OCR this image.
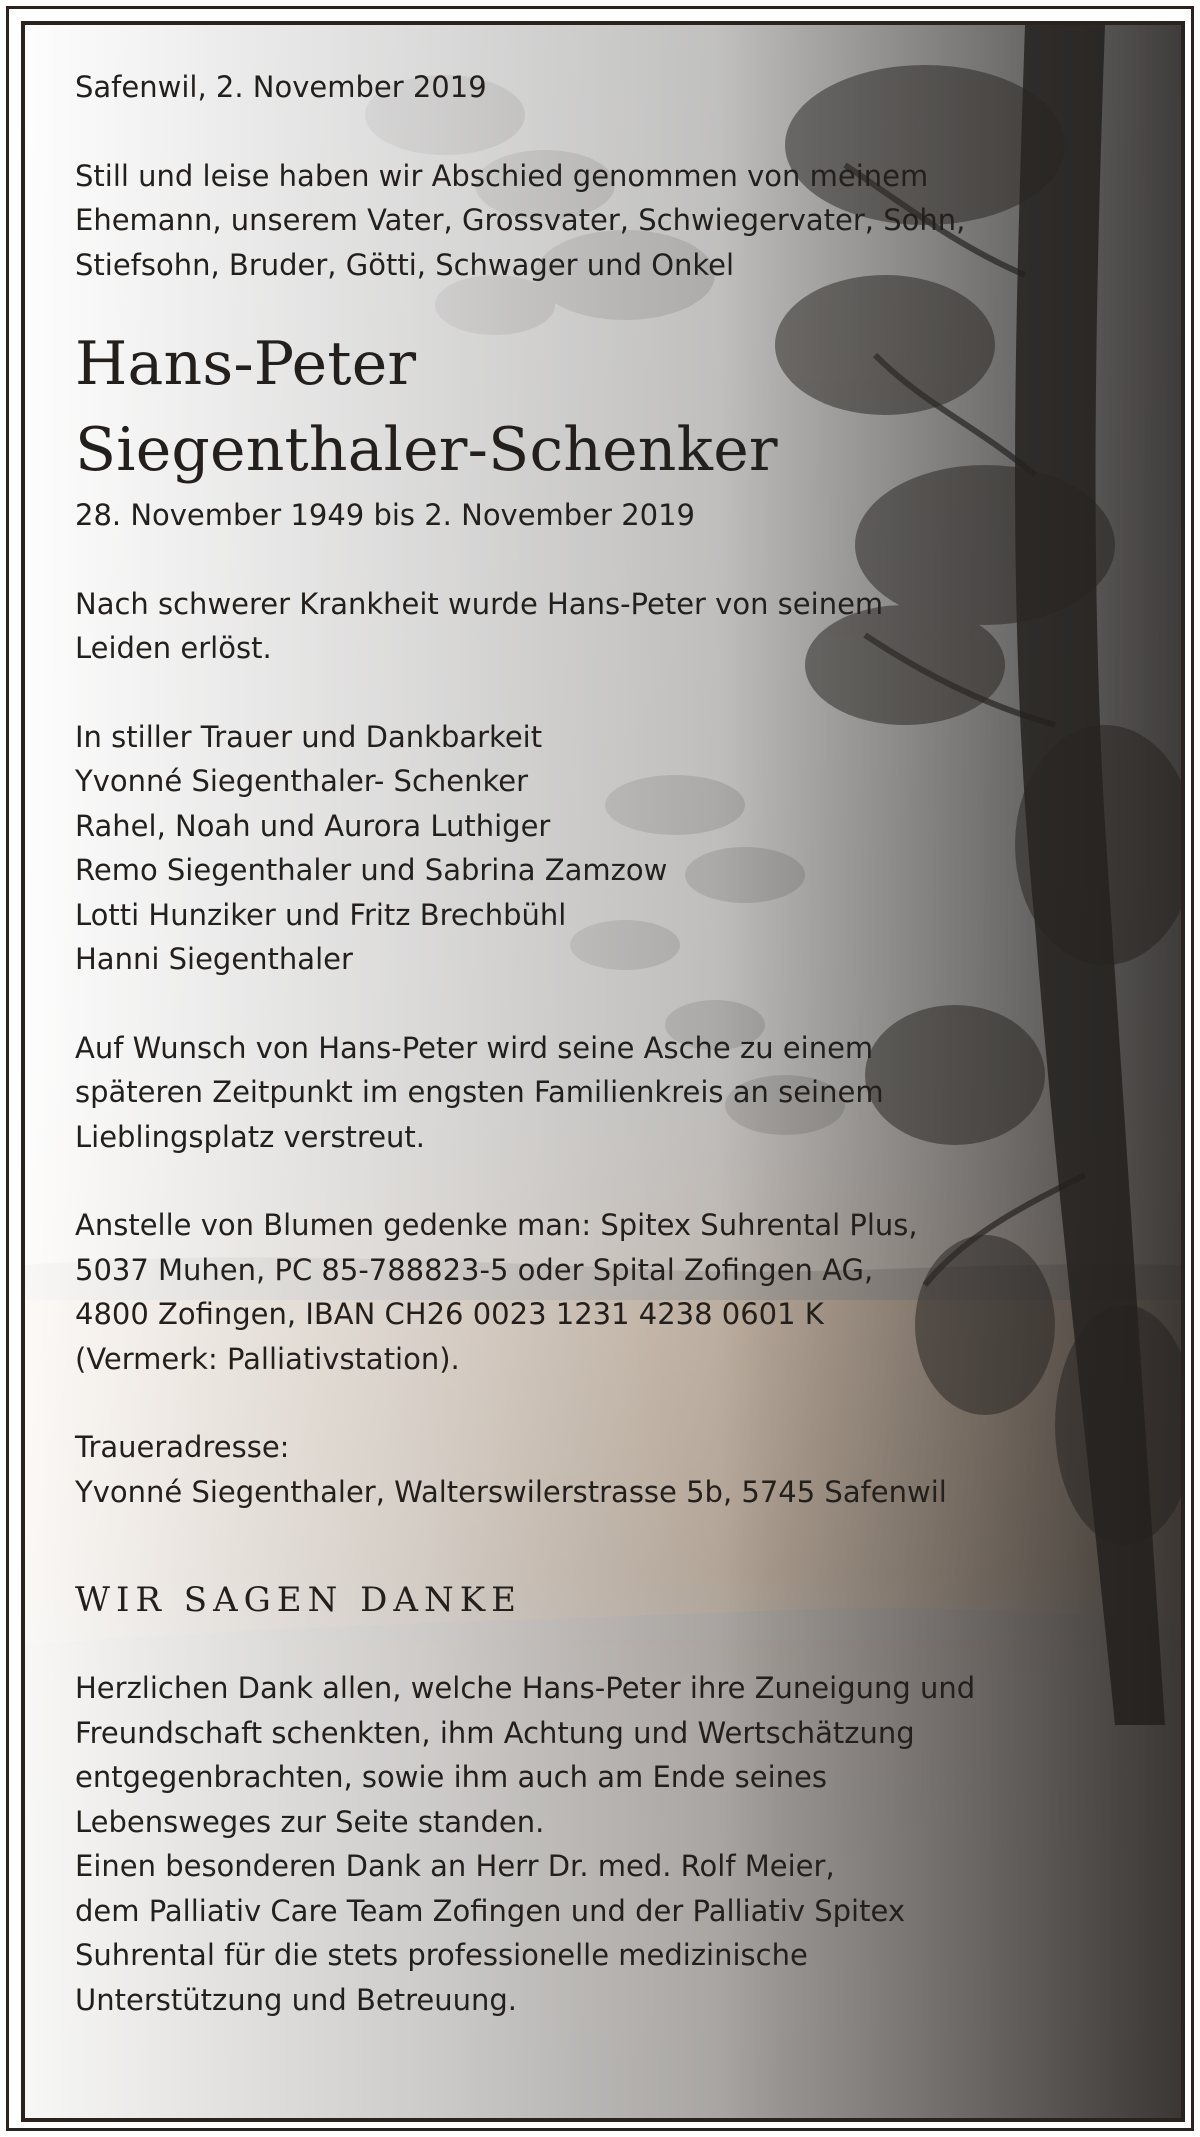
Safenwil, 2. November 2019

Still und leise haben wir Abschied genommen von meinem
Ehemann, unserem Vater, Grossvater, Schwiegervater, Sohn,
Stiefsohn, Bruder, Götti, Schwager und Onkel

Hans-Peter
Siegenthaler-Schenker

28. November 1949 bis 2. November 2019

Nach schwerer Krankheit wurde Hans-Peter von seinem
Leiden erlöst.

In stiller Trauer und Dankbarkeit

Yvonné Siegenthaler- Schenker

Rahel, Noah und Aurora Luthiger

Remo Siegenthaler und Sabrina Zamzow

Lotti Hunziker und Fritz Brechbühl

Hanni Siegenthaler

Auf Wunsch von Hans-Peter wird seine Asche zu einem
späteren Zeitpunkt im engsten Familienkreis an seinem
Lieblingsplatz verstreut.

Anstelle von Blumen gedenke man: Spitex Suhrental Plus,
5037 Muhen, PC 85-788823-5 oder Spital Zofingen AG,
4800 Zofingen, IBAN CH26 0023 1231 4238 0601 K
(Vermerk: Palliativstation).

Traueradresse:

Yvonné Siegenthaler, Walterswilerstrasse 5b, 5745 Safenwil

WIR SAGEN DANKE

Herzlichen Dank allen, welche Hans-Peter ihre Zuneigung und
Freundschaft schenkten, ihm Achtung und Wertschätzung
entgegenbrachten, sowie ihm auch am Ende seines
Lebensweges zur Seite standen.
Einen besonderen Dank an Herr Dr. med. Rolf Meier,
dem Palliativ Care Team Zofingen und der Palliativ Spitex
Suhrental für die stets professionelle medizinische
Unterstützung und Betreuung.
